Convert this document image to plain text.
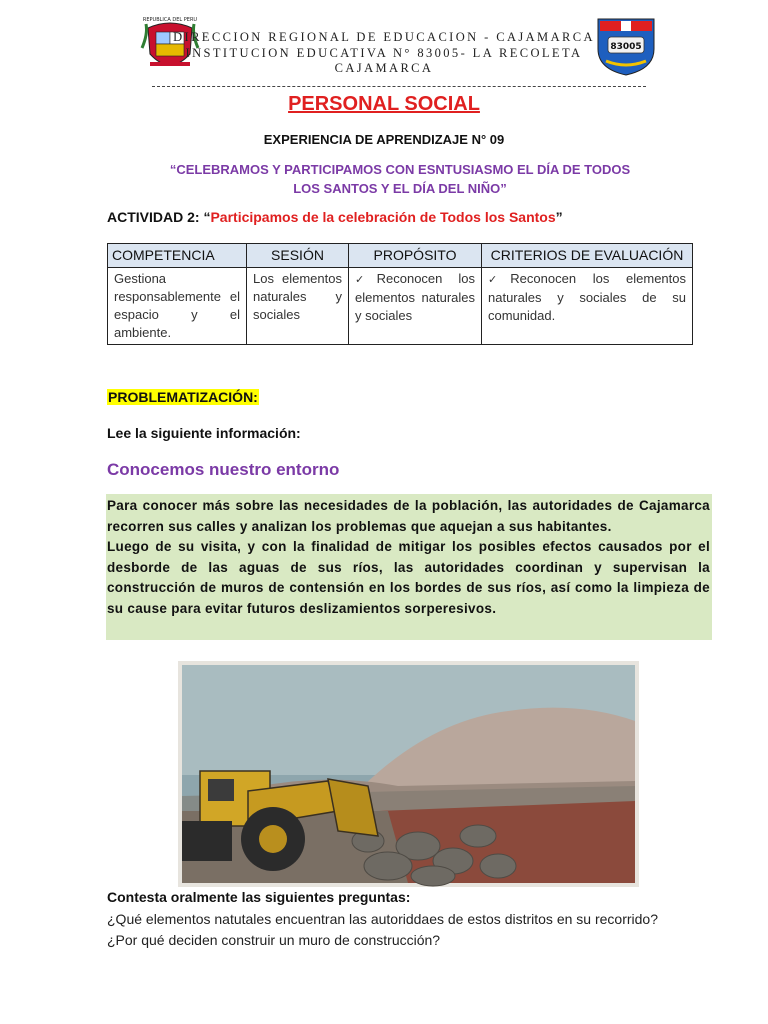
REPUBLICA DEL PERU
83005
DIRECCION REGIONAL DE EDUCACION - CAJAMARCA
INSTITUCION EDUCATIVA N° 83005- LA RECOLETA
CAJAMARCA
PERSONAL SOCIAL
EXPERIENCIA DE APRENDIZAJE N° 09
“CELEBRAMOS Y PARTICIPAMOS CON ESNTUSIASMO EL DÍA DE TODOS
LOS SANTOS Y EL DÍA DEL NIÑO”
ACTIVIDAD 2: “Participamos de la celebración de Todos los Santos”
COMPETENCIA	SESIÓN	PROPÓSITO	CRITERIOS DE EVALUACIÓN
Gestiona responsablemente el espacio y el ambiente.	Los elementos naturales y sociales	✓Reconocen los elementos naturales y sociales	✓Reconocen los elementos naturales y sociales de su comunidad.
PROBLEMATIZACIÓN:
Lee la siguiente información:
Conocemos nuestro entorno

Para conocer más sobre las necesidades de la población, las autoridades de Cajamarca recorren sus calles y analizan los problemas que aquejan a sus habitantes.

Luego de su visita, y con la finalidad de mitigar los posibles efectos causados por el desborde de las aguas de sus ríos, las autoridades coordinan y supervisan la construcción de muros de contensión en los bordes de sus ríos, así como la limpieza de su cause para evitar futuros deslizamientos sorperesivos.

Contesta oralmente las siguientes preguntas:
¿Qué elementos natutales encuentran las autoriddaes de estos distritos en su recorrido?
¿Por qué deciden construir un muro de construcción?
